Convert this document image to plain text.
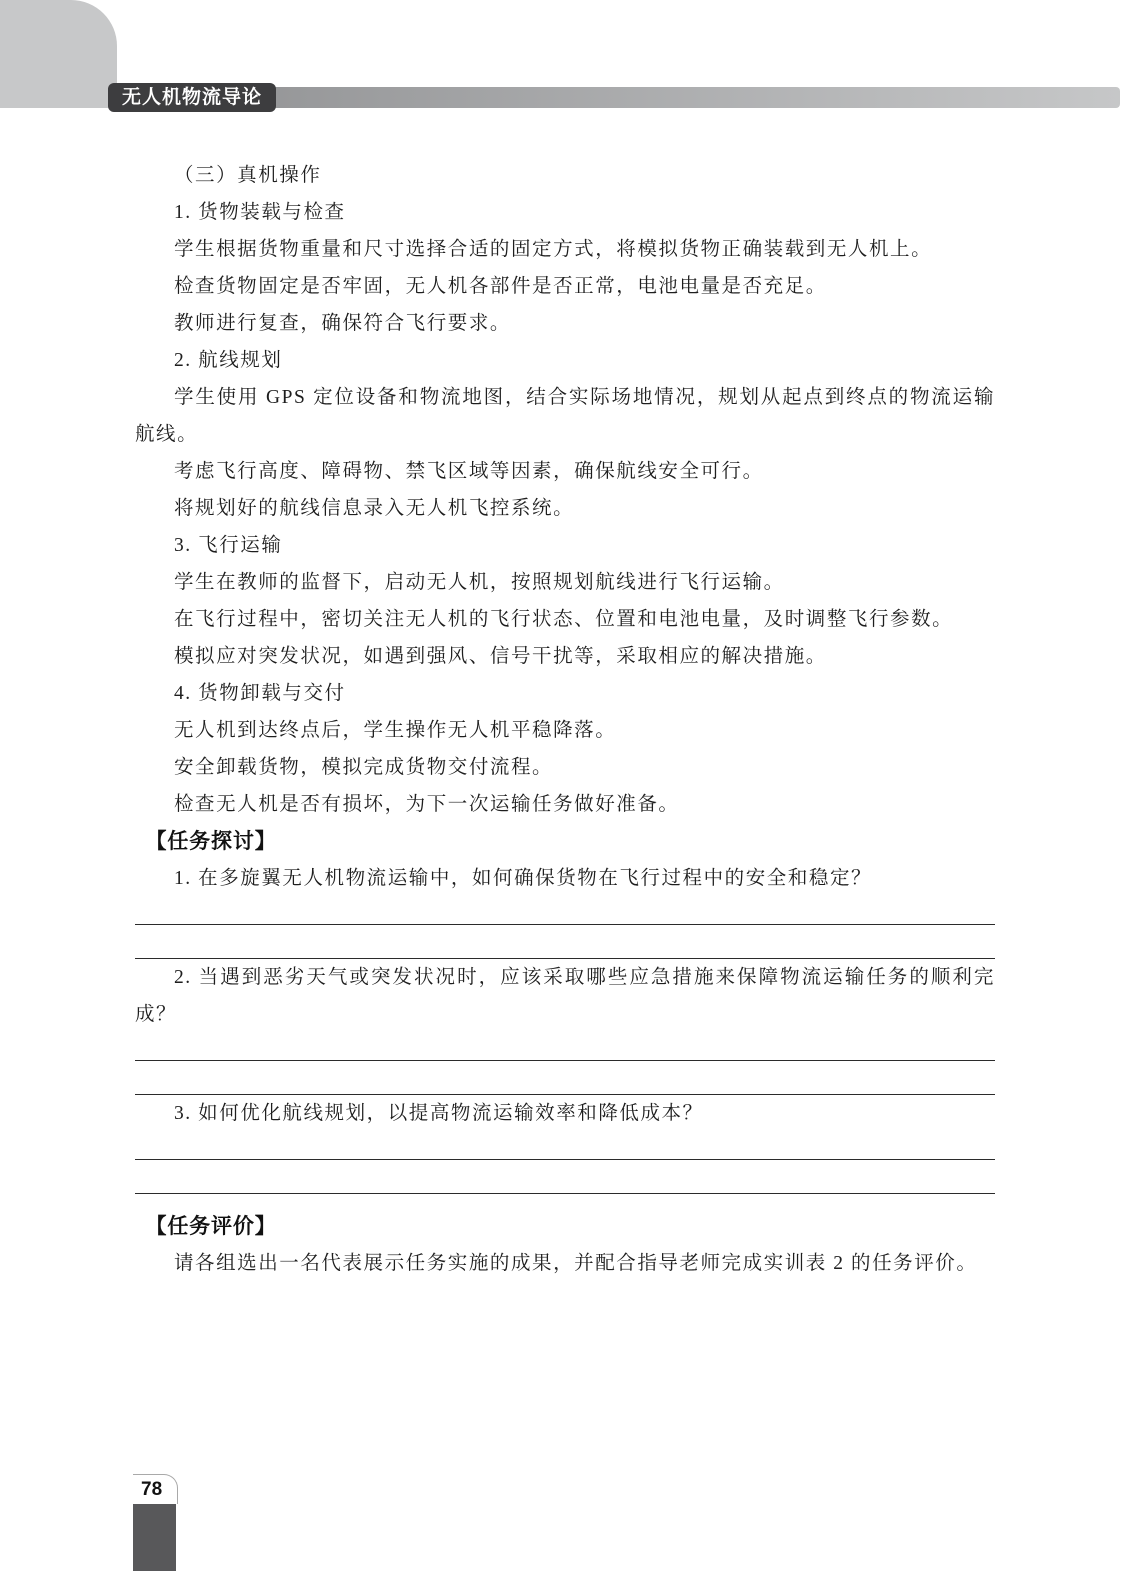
无人机物流导论

（三）真机操作

1. 货物装载与检查

学生根据货物重量和尺寸选择合适的固定方式，将模拟货物正确装载到无人机上。

检查货物固定是否牢固，无人机各部件是否正常，电池电量是否充足。

教师进行复查，确保符合飞行要求。

2. 航线规划

学生使用 GPS 定位设备和物流地图，结合实际场地情况，规划从起点到终点的物流运输航线。

考虑飞行高度、障碍物、禁飞区域等因素，确保航线安全可行。

将规划好的航线信息录入无人机飞控系统。

3. 飞行运输

学生在教师的监督下，启动无人机，按照规划航线进行飞行运输。

在飞行过程中，密切关注无人机的飞行状态、位置和电池电量，及时调整飞行参数。

模拟应对突发状况，如遇到强风、信号干扰等，采取相应的解决措施。

4. 货物卸载与交付

无人机到达终点后，学生操作无人机平稳降落。

安全卸载货物，模拟完成货物交付流程。

检查无人机是否有损坏，为下一次运输任务做好准备。

【任务探讨】

1. 在多旋翼无人机物流运输中，如何确保货物在飞行过程中的安全和稳定？

2. 当遇到恶劣天气或突发状况时，应该采取哪些应急措施来保障物流运输任务的顺利完成？

3. 如何优化航线规划，以提高物流运输效率和降低成本？

【任务评价】

请各组选出一名代表展示任务实施的成果，并配合指导老师完成实训表 2 的任务评价。

78
